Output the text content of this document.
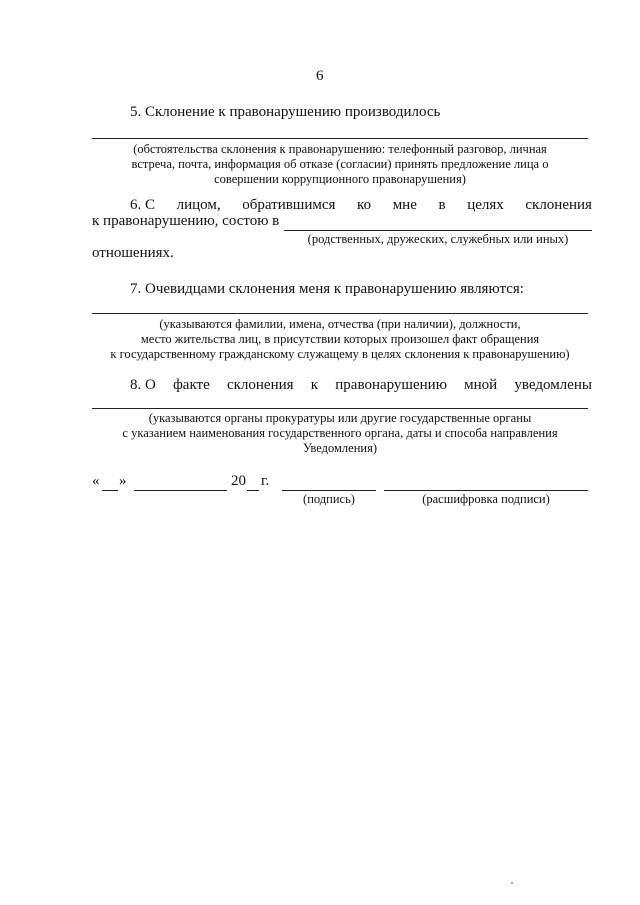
6
5. Склонение к правонарушению производилось
(обстоятельства склонения к правонарушению: телефонный разговор, личная
встреча, почта, информация об отказе (согласии) принять предложение лица о
совершении коррупционного правонарушения)
6. С лицом, обратившимся ко мне в целях склонения
к правонарушению, состою в
(родственных, дружеских, служебных или иных)
отношениях.
7. Очевидцами склонения меня к правонарушению являются:
(указываются фамилии, имена, отчества (при наличии), должности,
место жительства лиц, в присутствии которых произошел факт обращения
к государственному гражданскому служащему в целях склонения к правонарушению)
8. О факте склонения к правонарушению мной уведомлены
(указываются органы прокуратуры или другие государственные органы
с указанием наименования государственного органа, даты и способа направления
Уведомления)
« »	20 г.
(подпись)	(расшифровка подписи)
